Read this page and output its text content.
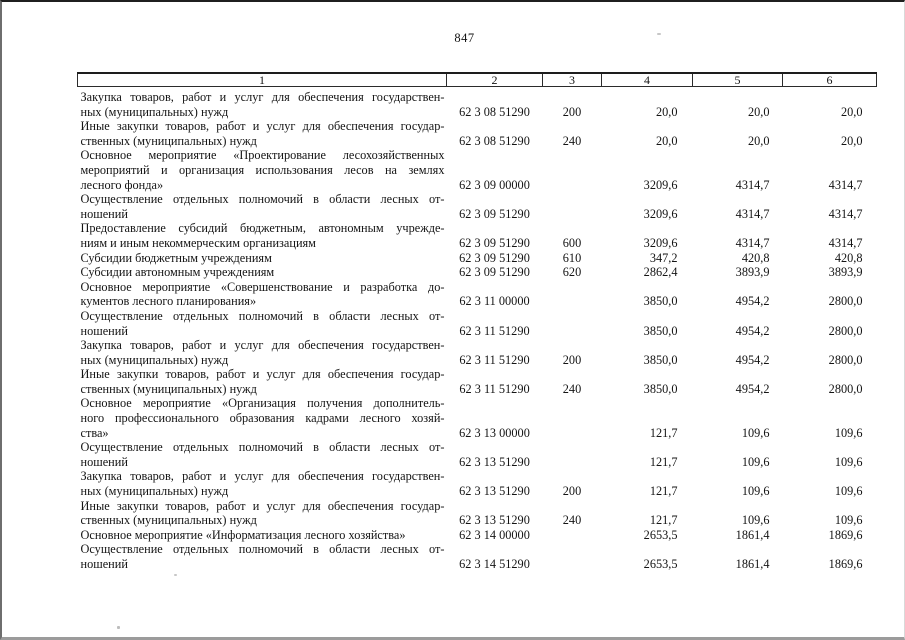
847
1	2	3	4	5	6

Закупка товаров, работ и услуг для обеспечения государствен-
ных (муниципальных) нужд	62 3 08 51290	200	20,0	20,0	20,0

Иные закупки товаров, работ и услуг для обеспечения государ-
ственных (муниципальных) нужд	62 3 08 51290	240	20,0	20,0	20,0

Основное мероприятие «Проектирование лесохозяйственных
мероприятий и организация использования лесов на землях
лесного фонда»	62 3 09 00000		3209,6	4314,7	4314,7

Осуществление отдельных полномочий в области лесных от-
ношений	62 3 09 51290		3209,6	4314,7	4314,7

Предоставление субсидий бюджетным, автономным учрежде-
ниям и иным некоммерческим организациям	62 3 09 51290	600	3209,6	4314,7	4314,7

Субсидии бюджетным учреждениям	62 3 09 51290	610	347,2	420,8	420,8

Субсидии автономным учреждениям	62 3 09 51290	620	2862,4	3893,9	3893,9

Основное мероприятие «Совершенствование и разработка до-
кументов лесного планирования»	62 3 11 00000		3850,0	4954,2	2800,0

Осуществление отдельных полномочий в области лесных от-
ношений	62 3 11 51290		3850,0	4954,2	2800,0

Закупка товаров, работ и услуг для обеспечения государствен-
ных (муниципальных) нужд	62 3 11 51290	200	3850,0	4954,2	2800,0

Иные закупки товаров, работ и услуг для обеспечения государ-
ственных (муниципальных) нужд	62 3 11 51290	240	3850,0	4954,2	2800,0

Основное мероприятие «Организация получения дополнитель-
ного профессионального образования кадрами лесного хозяй-
ства»	62 3 13 00000		121,7	109,6	109,6

Осуществление отдельных полномочий в области лесных от-
ношений	62 3 13 51290		121,7	109,6	109,6

Закупка товаров, работ и услуг для обеспечения государствен-
ных (муниципальных) нужд	62 3 13 51290	200	121,7	109,6	109,6

Иные закупки товаров, работ и услуг для обеспечения государ-
ственных (муниципальных) нужд	62 3 13 51290	240	121,7	109,6	109,6

Основное мероприятие «Информатизация лесного хозяйства»	62 3 14 00000		2653,5	1861,4	1869,6

Осуществление отдельных полномочий в области лесных от-
ношений	62 3 14 51290		2653,5	1861,4	1869,6
